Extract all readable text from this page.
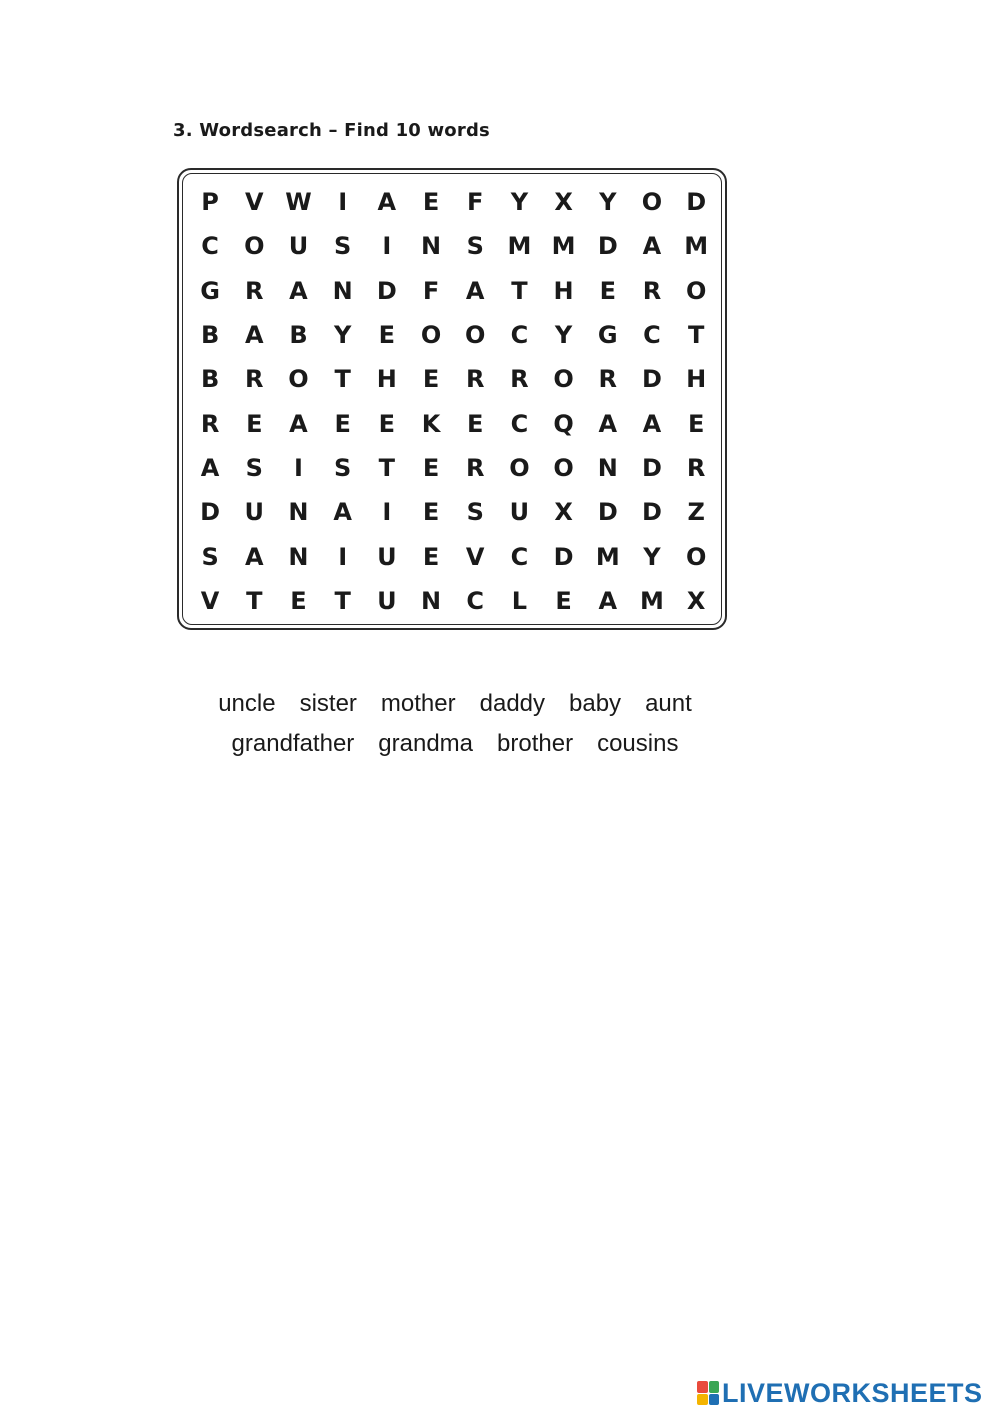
3. Wordsearch – Find 10 words
P	V W	I	A	E	F	Y	X	Y	O	D
C	O	U	S	I	N	S M M D	A M
G	R	A	N	D	F	A	T	H	E	R	O
B	A	B	Y	E	O O	C	Y	G	C	T
B	R	O	T	H	E	R	R	O	R	D	H
R	E	A	E	E	K	E	C	Q	A	A	E
A	S	I	S	T	E	R	O O N	D	R
D	U	N	A	I	E	S	U	X	D	D	Z
S	A	N	I	U	E	V	C	D M Y	O
V	T	E	T	U	N	C	L	E	A M X
uncle sister mother daddy baby aunt
grandfather grandma brother cousins
LIVEWORKSHEETS
